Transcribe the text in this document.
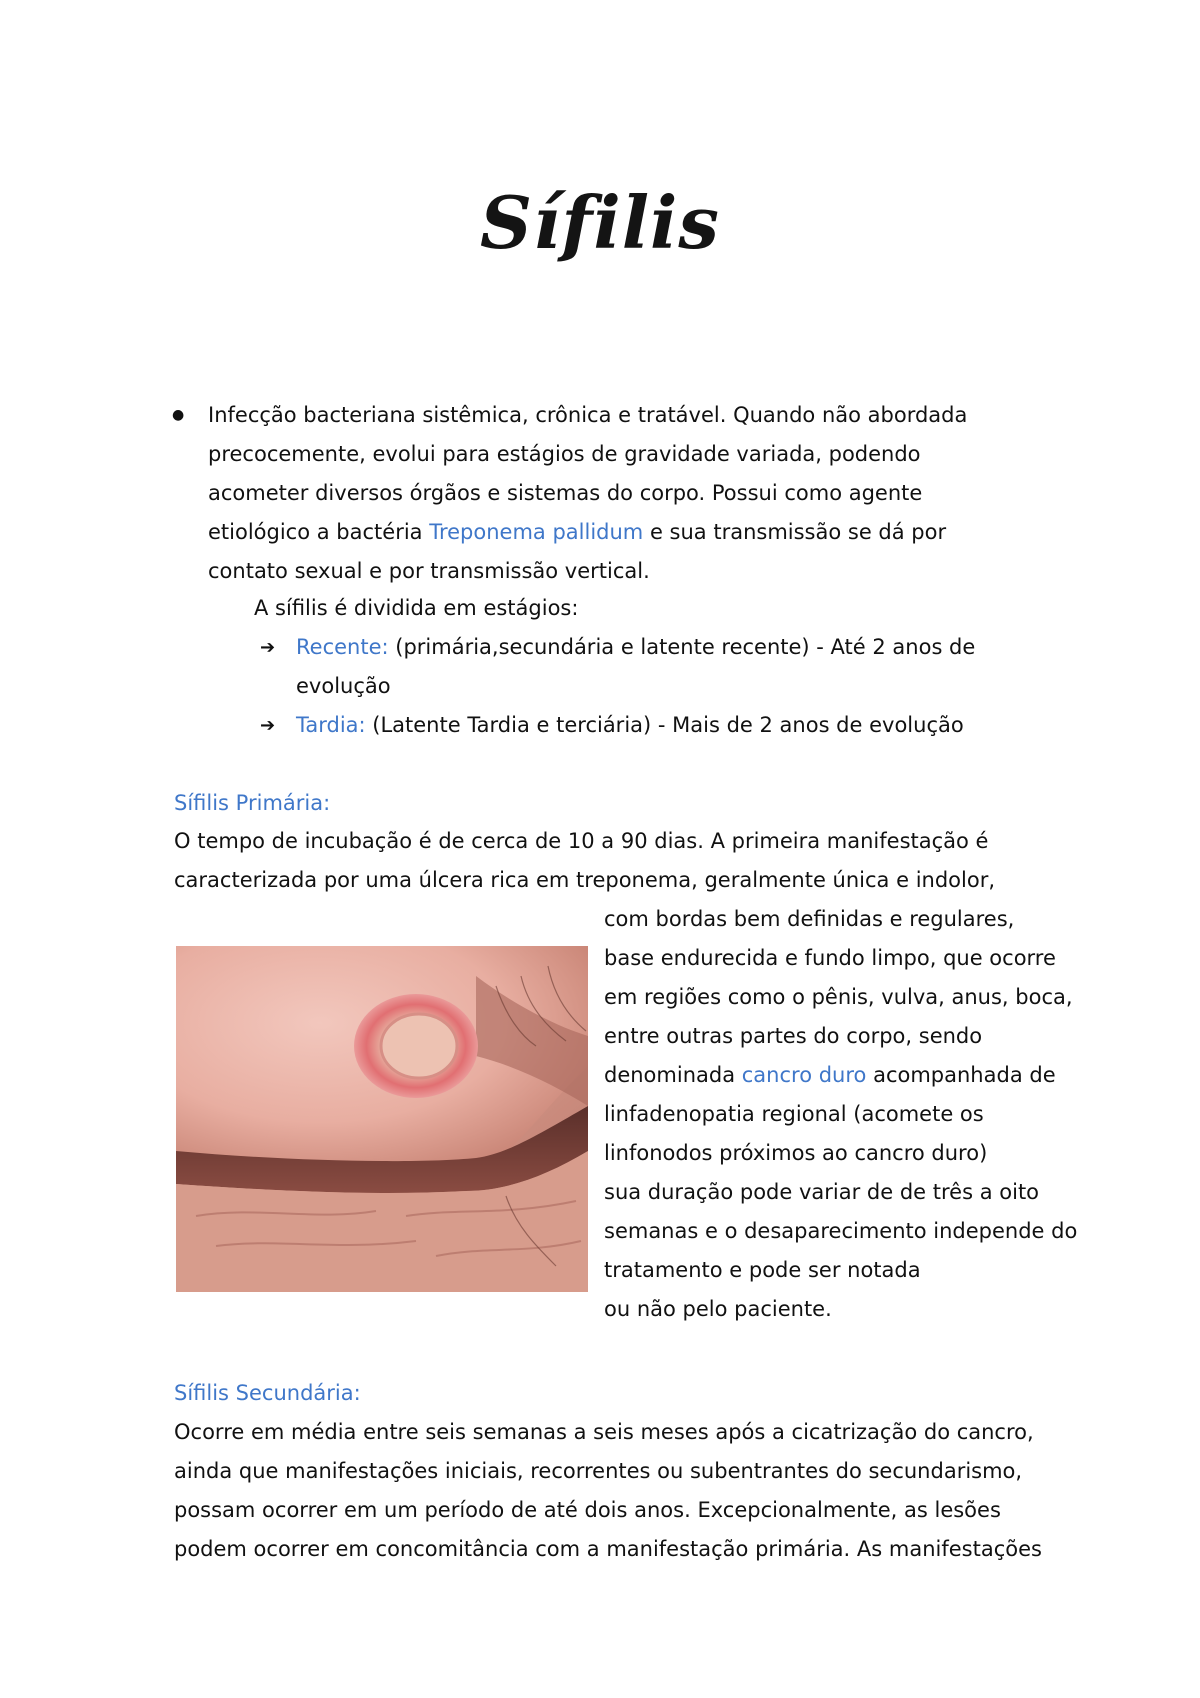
Sífilis
● Infecção bacteriana sistêmica, crônica e tratável. Quando não abordada
precocemente, evolui para estágios de gravidade variada, podendo
acometer diversos órgãos e sistemas do corpo. Possui como agente
etiológico a bactéria Treponema pallidum e sua transmissão se dá por
contato sexual e por transmissão vertical.
A sífilis é dividida em estágios:
➔ Recente: (primária,secundária e latente recente) - Até 2 anos de
evolução
➔ Tardia: (Latente Tardia e terciária) - Mais de 2 anos de evolução
Sífilis Primária:
O tempo de incubação é de cerca de 10 a 90 dias. A primeira manifestação é
caracterizada por uma úlcera rica em treponema, geralmente única e indolor,
com bordas bem definidas e regulares,
base endurecida e fundo limpo, que ocorre
em regiões como o pênis, vulva, anus, boca,
entre outras partes do corpo, sendo
denominada cancro duro acompanhada de
linfadenopatia regional (acomete os
linfonodos próximos ao cancro duro)
sua duração pode variar de de três a oito
semanas e o desaparecimento independe do
tratamento e pode ser notada
ou não pelo paciente.
Sífilis Secundária:
Ocorre em média entre seis semanas a seis meses após a cicatrização do cancro,
ainda que manifestações iniciais, recorrentes ou subentrantes do secundarismo,
possam ocorrer em um período de até dois anos. Excepcionalmente, as lesões
podem ocorrer em concomitância com a manifestação primária. As manifestações
